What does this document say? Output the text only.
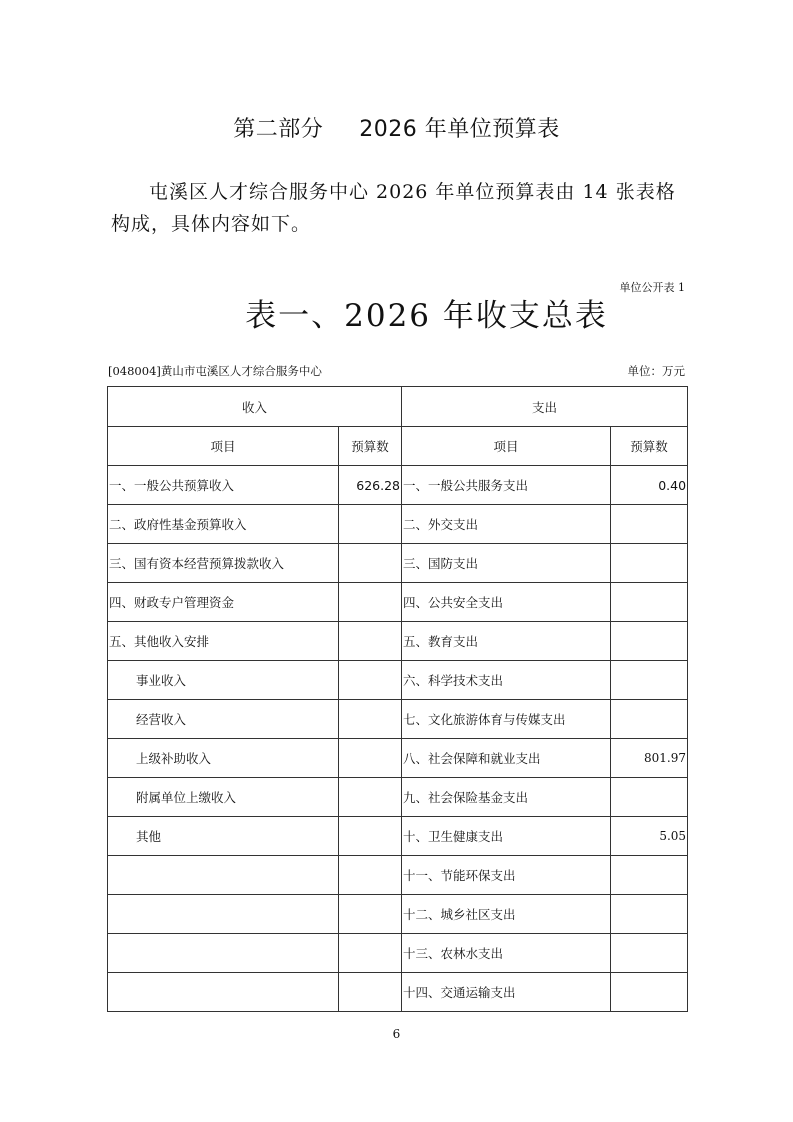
第二部分 2026 年单位预算表
屯溪区人才综合服务中心 2026 年单位预算表由 14 张表格构成，具体内容如下。
单位公开表 1
表一、2026 年收支总表
[048004]黄山市屯溪区人才综合服务中心	单位：万元
收入		支出	
项目	预算数	项目	预算数
一、一般公共预算收入	626.28	一、一般公共服务支出	0.40
二、政府性基金预算收入		二、外交支出	
三、国有资本经营预算拨款收入		三、国防支出	
四、财政专户管理资金		四、公共安全支出	
五、其他收入安排		五、教育支出	
事业收入		六、科学技术支出	
经营收入		七、文化旅游体育与传媒支出	
上级补助收入		八、社会保障和就业支出	801.97
附属单位上缴收入		九、社会保险基金支出	
其他		十、卫生健康支出	5.05
		十一、节能环保支出	
		十二、城乡社区支出	
		十三、农林水支出	
		十四、交通运输支出	
6
